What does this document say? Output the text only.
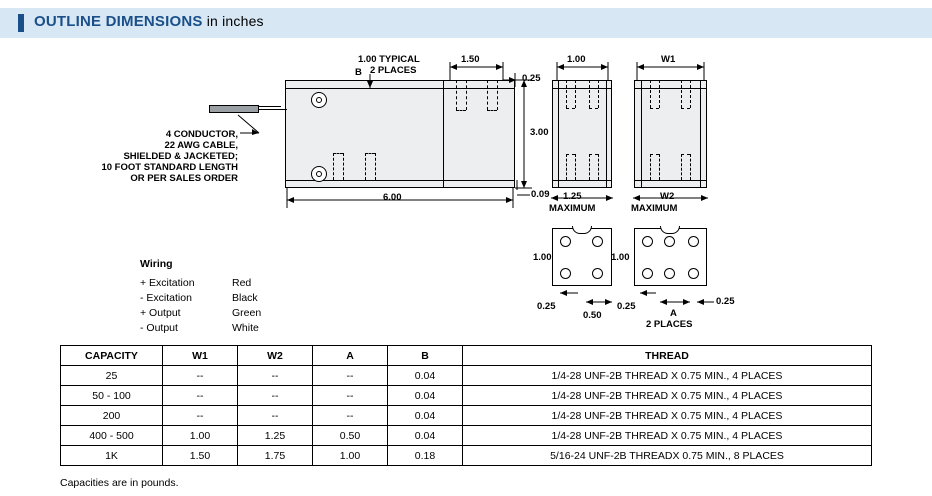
OUTLINE DIMENSIONS in inches
1.00 TYPICAL
2 PLACES
B
1.50
0.25
3.00
6.00	0.09
1.00	W1
1.25
MAXIMUM
W2
MAXIMUM
1.00	1.00
0.25
0.50
0.25
A
0.25
2 PLACES
4 CONDUCTOR,
22 AWG CABLE,
SHIELDED & JACKETED;
10 FOOT STANDARD LENGTH
OR PER SALES ORDER
Wiring
+ Excitation	Red
- Excitation	Black
+ Output	Green
- Output	White
CAPACITY	W1	W2	A	B	THREAD
25	--	--	--	0.04	1/4-28 UNF-2B THREAD X 0.75 MIN., 4 PLACES
50 - 100	--	--	--	0.04	1/4-28 UNF-2B THREAD X 0.75 MIN., 4 PLACES
200	--	--	--	0.04	1/4-28 UNF-2B THREAD X 0.75 MIN., 4 PLACES
400 - 500	1.00	1.25	0.50	0.04	1/4-28 UNF-2B THREAD X 0.75 MIN., 4 PLACES
1K	1.50	1.75	1.00	0.18	5/16-24 UNF-2B THREADX 0.75 MIN., 8 PLACES
Capacities are in pounds.
